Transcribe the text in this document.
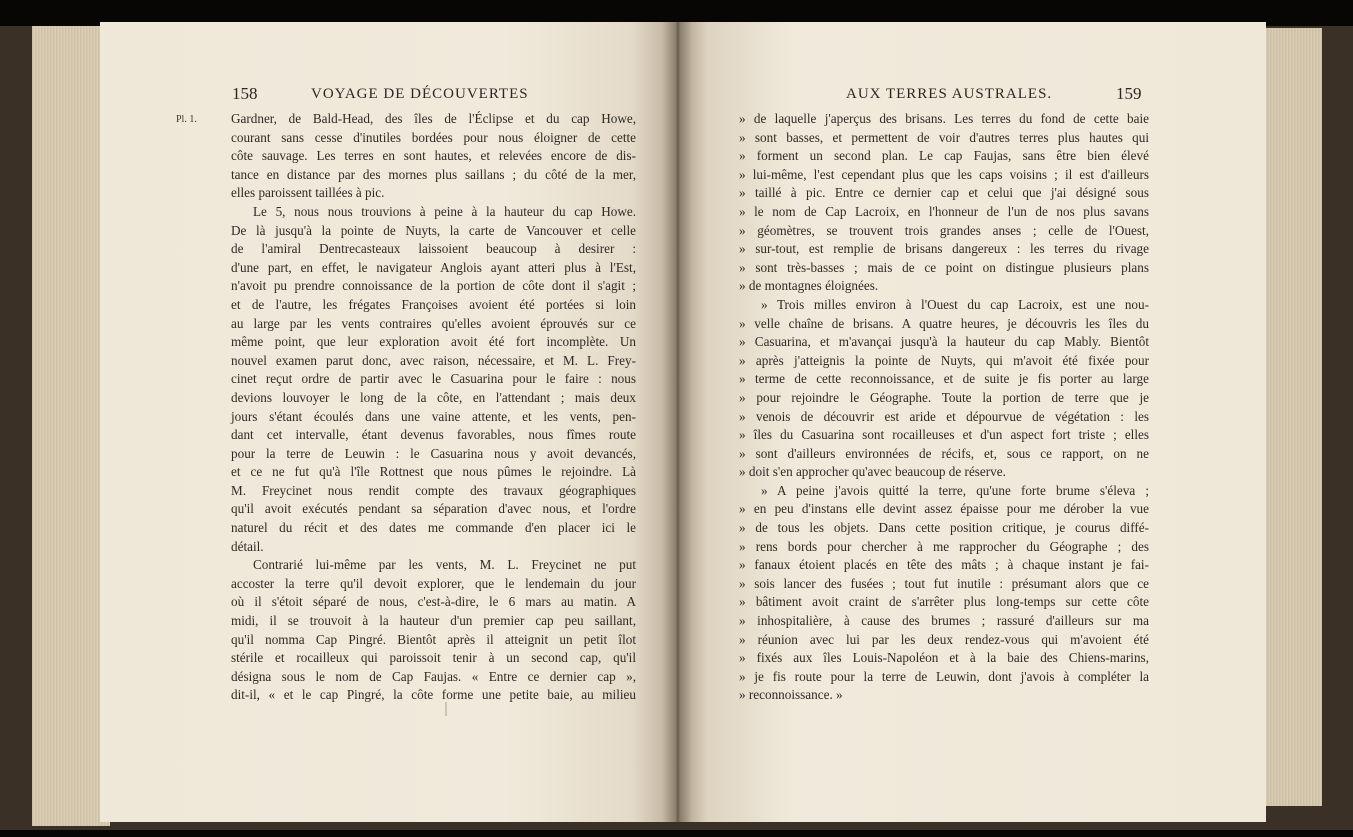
158	VOYAGE DE DÉCOUVERTES
Pl. 1.
AUX TERRES AUSTRALES.	159
Gardner, de Bald-Head, des îles de l'Éclipse et du cap Howe,
courant sans cesse d'inutiles bordées pour nous éloigner de cette
côte sauvage. Les terres en sont hautes, et relevées encore de dis-
tance en distance par des mornes plus saillans ; du côté de la mer,
elles paroissent taillées à pic.
Le 5, nous nous trouvions à peine à la hauteur du cap Howe.
De là jusqu'à la pointe de Nuyts, la carte de Vancouver et celle
de l'amiral Dentrecasteaux laissoient beaucoup à desirer :
d'une part, en effet, le navigateur Anglois ayant atteri plus à l'Est,
n'avoit pu prendre connoissance de la portion de côte dont il s'agit ;
et de l'autre, les frégates Françoises avoient été portées si loin
au large par les vents contraires qu'elles avoient éprouvés sur ce
même point, que leur exploration avoit été fort incomplète. Un
nouvel examen parut donc, avec raison, nécessaire, et M. L. Frey-
cinet reçut ordre de partir avec le Casuarina pour le faire : nous
devions louvoyer le long de la côte, en l'attendant ; mais deux
jours s'étant écoulés dans une vaine attente, et les vents, pen-
dant cet intervalle, étant devenus favorables, nous fîmes route
pour la terre de Leuwin : le Casuarina nous y avoit devancés,
et ce ne fut qu'à l'île Rottnest que nous pûmes le rejoindre. Là
M. Freycinet nous rendit compte des travaux géographiques
qu'il avoit exécutés pendant sa séparation d'avec nous, et l'ordre
naturel du récit et des dates me commande d'en placer ici le
détail.
Contrarié lui-même par les vents, M. L. Freycinet ne put
accoster la terre qu'il devoit explorer, que le lendemain du jour
où il s'étoit séparé de nous, c'est-à-dire, le 6 mars au matin. A
midi, il se trouvoit à la hauteur d'un premier cap peu saillant,
qu'il nomma Cap Pingré. Bientôt après il atteignit un petit îlot
stérile et rocailleux qui paroissoit tenir à un second cap, qu'il
désigna sous le nom de Cap Faujas. « Entre ce dernier cap »,
dit-il, « et le cap Pingré, la côte forme une petite baie, au milieu
» de laquelle j'aperçus des brisans. Les terres du fond de cette baie
» sont basses, et permettent de voir d'autres terres plus hautes qui
» forment un second plan. Le cap Faujas, sans être bien élevé
» lui-même, l'est cependant plus que les caps voisins ; il est d'ailleurs
» taillé à pic. Entre ce dernier cap et celui que j'ai désigné sous
» le nom de Cap Lacroix, en l'honneur de l'un de nos plus savans
» géomètres, se trouvent trois grandes anses ; celle de l'Ouest,
» sur-tout, est remplie de brisans dangereux : les terres du rivage
» sont très-basses ; mais de ce point on distingue plusieurs plans
» de montagnes éloignées.
» Trois milles environ à l'Ouest du cap Lacroix, est une nou-
» velle chaîne de brisans. A quatre heures, je découvris les îles du
» Casuarina, et m'avançai jusqu'à la hauteur du cap Mably. Bientôt
» après j'atteignis la pointe de Nuyts, qui m'avoit été fixée pour
» terme de cette reconnoissance, et de suite je fis porter au large
» pour rejoindre le Géographe. Toute la portion de terre que je
» venois de découvrir est aride et dépourvue de végétation : les
» îles du Casuarina sont rocailleuses et d'un aspect fort triste ; elles
» sont d'ailleurs environnées de récifs, et, sous ce rapport, on ne
» doit s'en approcher qu'avec beaucoup de réserve.
» A peine j'avois quitté la terre, qu'une forte brume s'éleva ;
» en peu d'instans elle devint assez épaisse pour me dérober la vue
» de tous les objets. Dans cette position critique, je courus diffé-
» rens bords pour chercher à me rapprocher du Géographe ; des
» fanaux étoient placés en tête des mâts ; à chaque instant je fai-
» sois lancer des fusées ; tout fut inutile : présumant alors que ce
» bâtiment avoit craint de s'arrêter plus long-temps sur cette côte
» inhospitalière, à cause des brumes ; rassuré d'ailleurs sur ma
» réunion avec lui par les deux rendez-vous qui m'avoient été
» fixés aux îles Louis-Napoléon et à la baie des Chiens-marins,
» je fis route pour la terre de Leuwin, dont j'avois à compléter la
» reconnoissance. »
